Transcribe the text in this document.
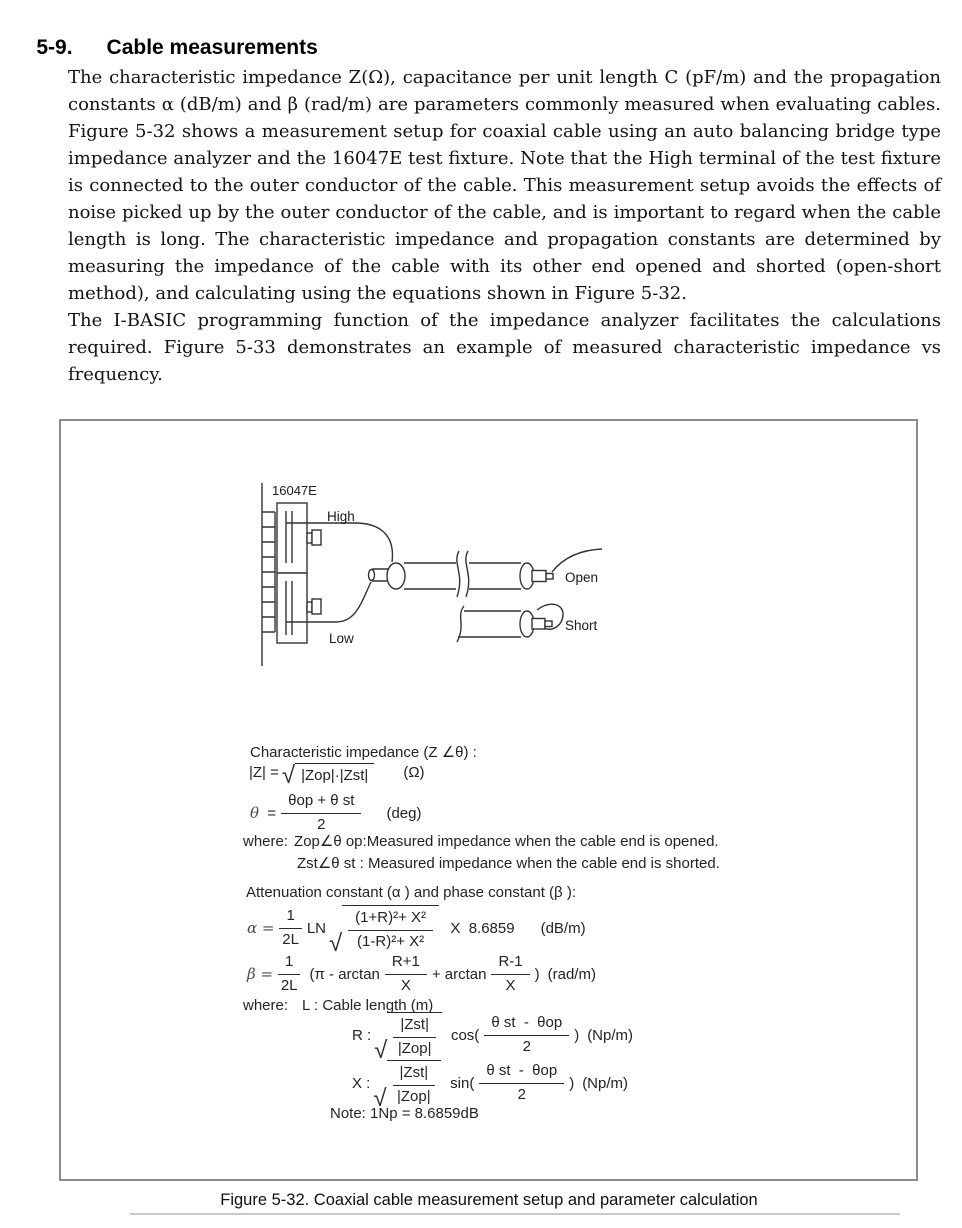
5-9. Cable measurements

The characteristic impedance Z(Ω), capacitance per unit length C (pF/m) and the propagation constants α (dB/m) and β (rad/m) are parameters commonly measured when evaluating cables. Figure 5-32 shows a measurement setup for coaxial cable using an auto balancing bridge type impedance analyzer and the 16047E test fixture. Note that the High terminal of the test fixture is connected to the outer conductor of the cable. This measurement setup avoids the effects of noise picked up by the outer conductor of the cable, and is important to regard when the cable length is long. The characteristic impedance and propagation constants are determined by measuring the impedance of the cable with its other end opened and shorted (open-short method), and calculating using the equations shown in Figure 5-32.

The I-BASIC programming function of the impedance analyzer facilitates the calculations required. Figure 5-33 demonstrates an example of measured characteristic impedance vs frequency.

16047E
High
Low
Open
Short
Characteristic impedance (Z ∠θ) :
|Z| = √ |Zop|·|Zst|	(Ω)
$\theta = \frac{\text{θop + θ st}}{2} (deg)$
where: Zop∠θ op: Measured impedance when the cable end is opened.
Zst∠θ st : Measured impedance when the cable end is shorted.
Attenuation constant (α ) and phase constant (β ):
$\alpha = \frac{1}{2L}$ LN
√ $\frac{\text{(1+R)²+ X²}}{\text{(1-R)²+ X²}}$ X  8.6859 (dB/m)
$\beta = \frac{1}{2L} (\pi - \arctan \frac{R+1}{X} + \arctan \frac{R-1}{X}$ ) (rad/m)
where: L : Cable length (m)
R :
√ $\frac{\text{|Zst|}}{\text{|Zop|}} \cos( \frac{\text{θ st  -  θop}}{2}$ ) (Np/m)
X :
√ $\frac{\text{|Zst|}}{\text{|Zop|}} \sin( \frac{\text{θ st  -  θop}}{2}$ ) (Np/m)
Note: 1Np = 8.6859dB
Figure 5-32. Coaxial cable measurement setup and parameter calculation
